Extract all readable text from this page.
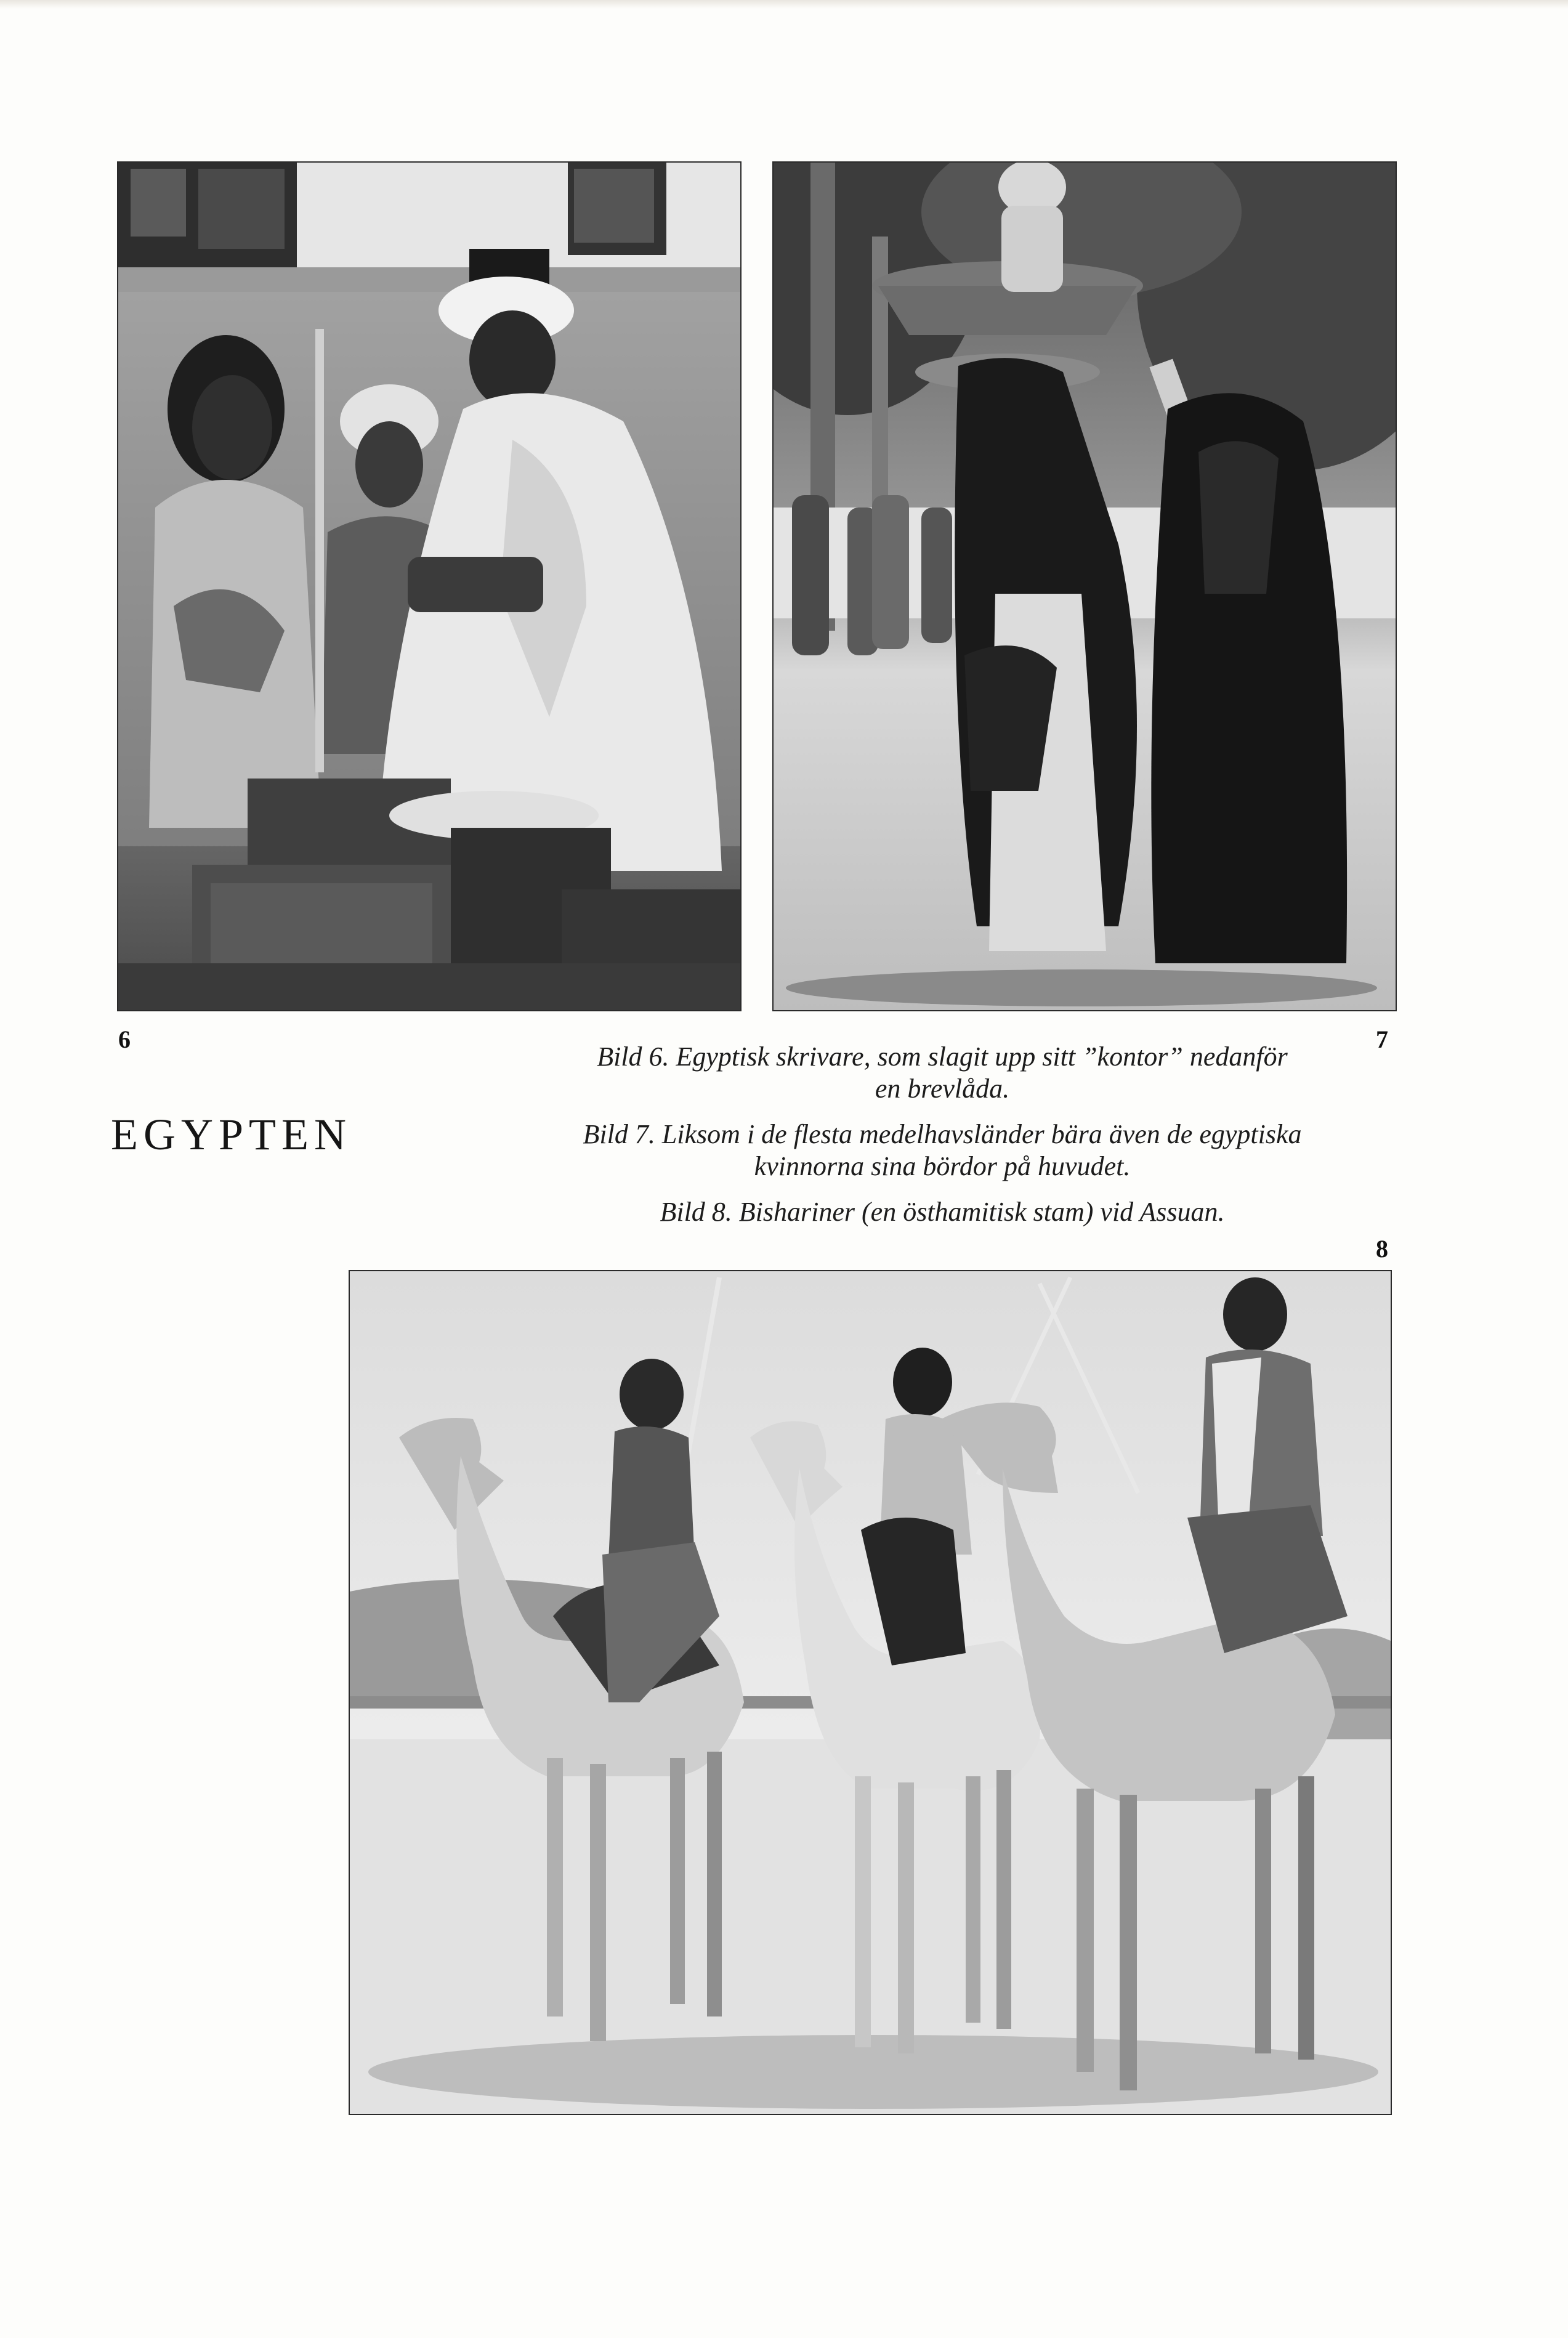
6	7
8
EGYPTEN

Bild 6. Egyptisk skrivare, som slagit upp sitt ”kontor” nedanför
en brevlåda.

Bild 7. Liksom i de flesta medelhavsländer bära även de egyptiska
kvinnorna sina bördor på huvudet.

Bild 8. Bishariner (en östhamitisk stam) vid Assuan.
